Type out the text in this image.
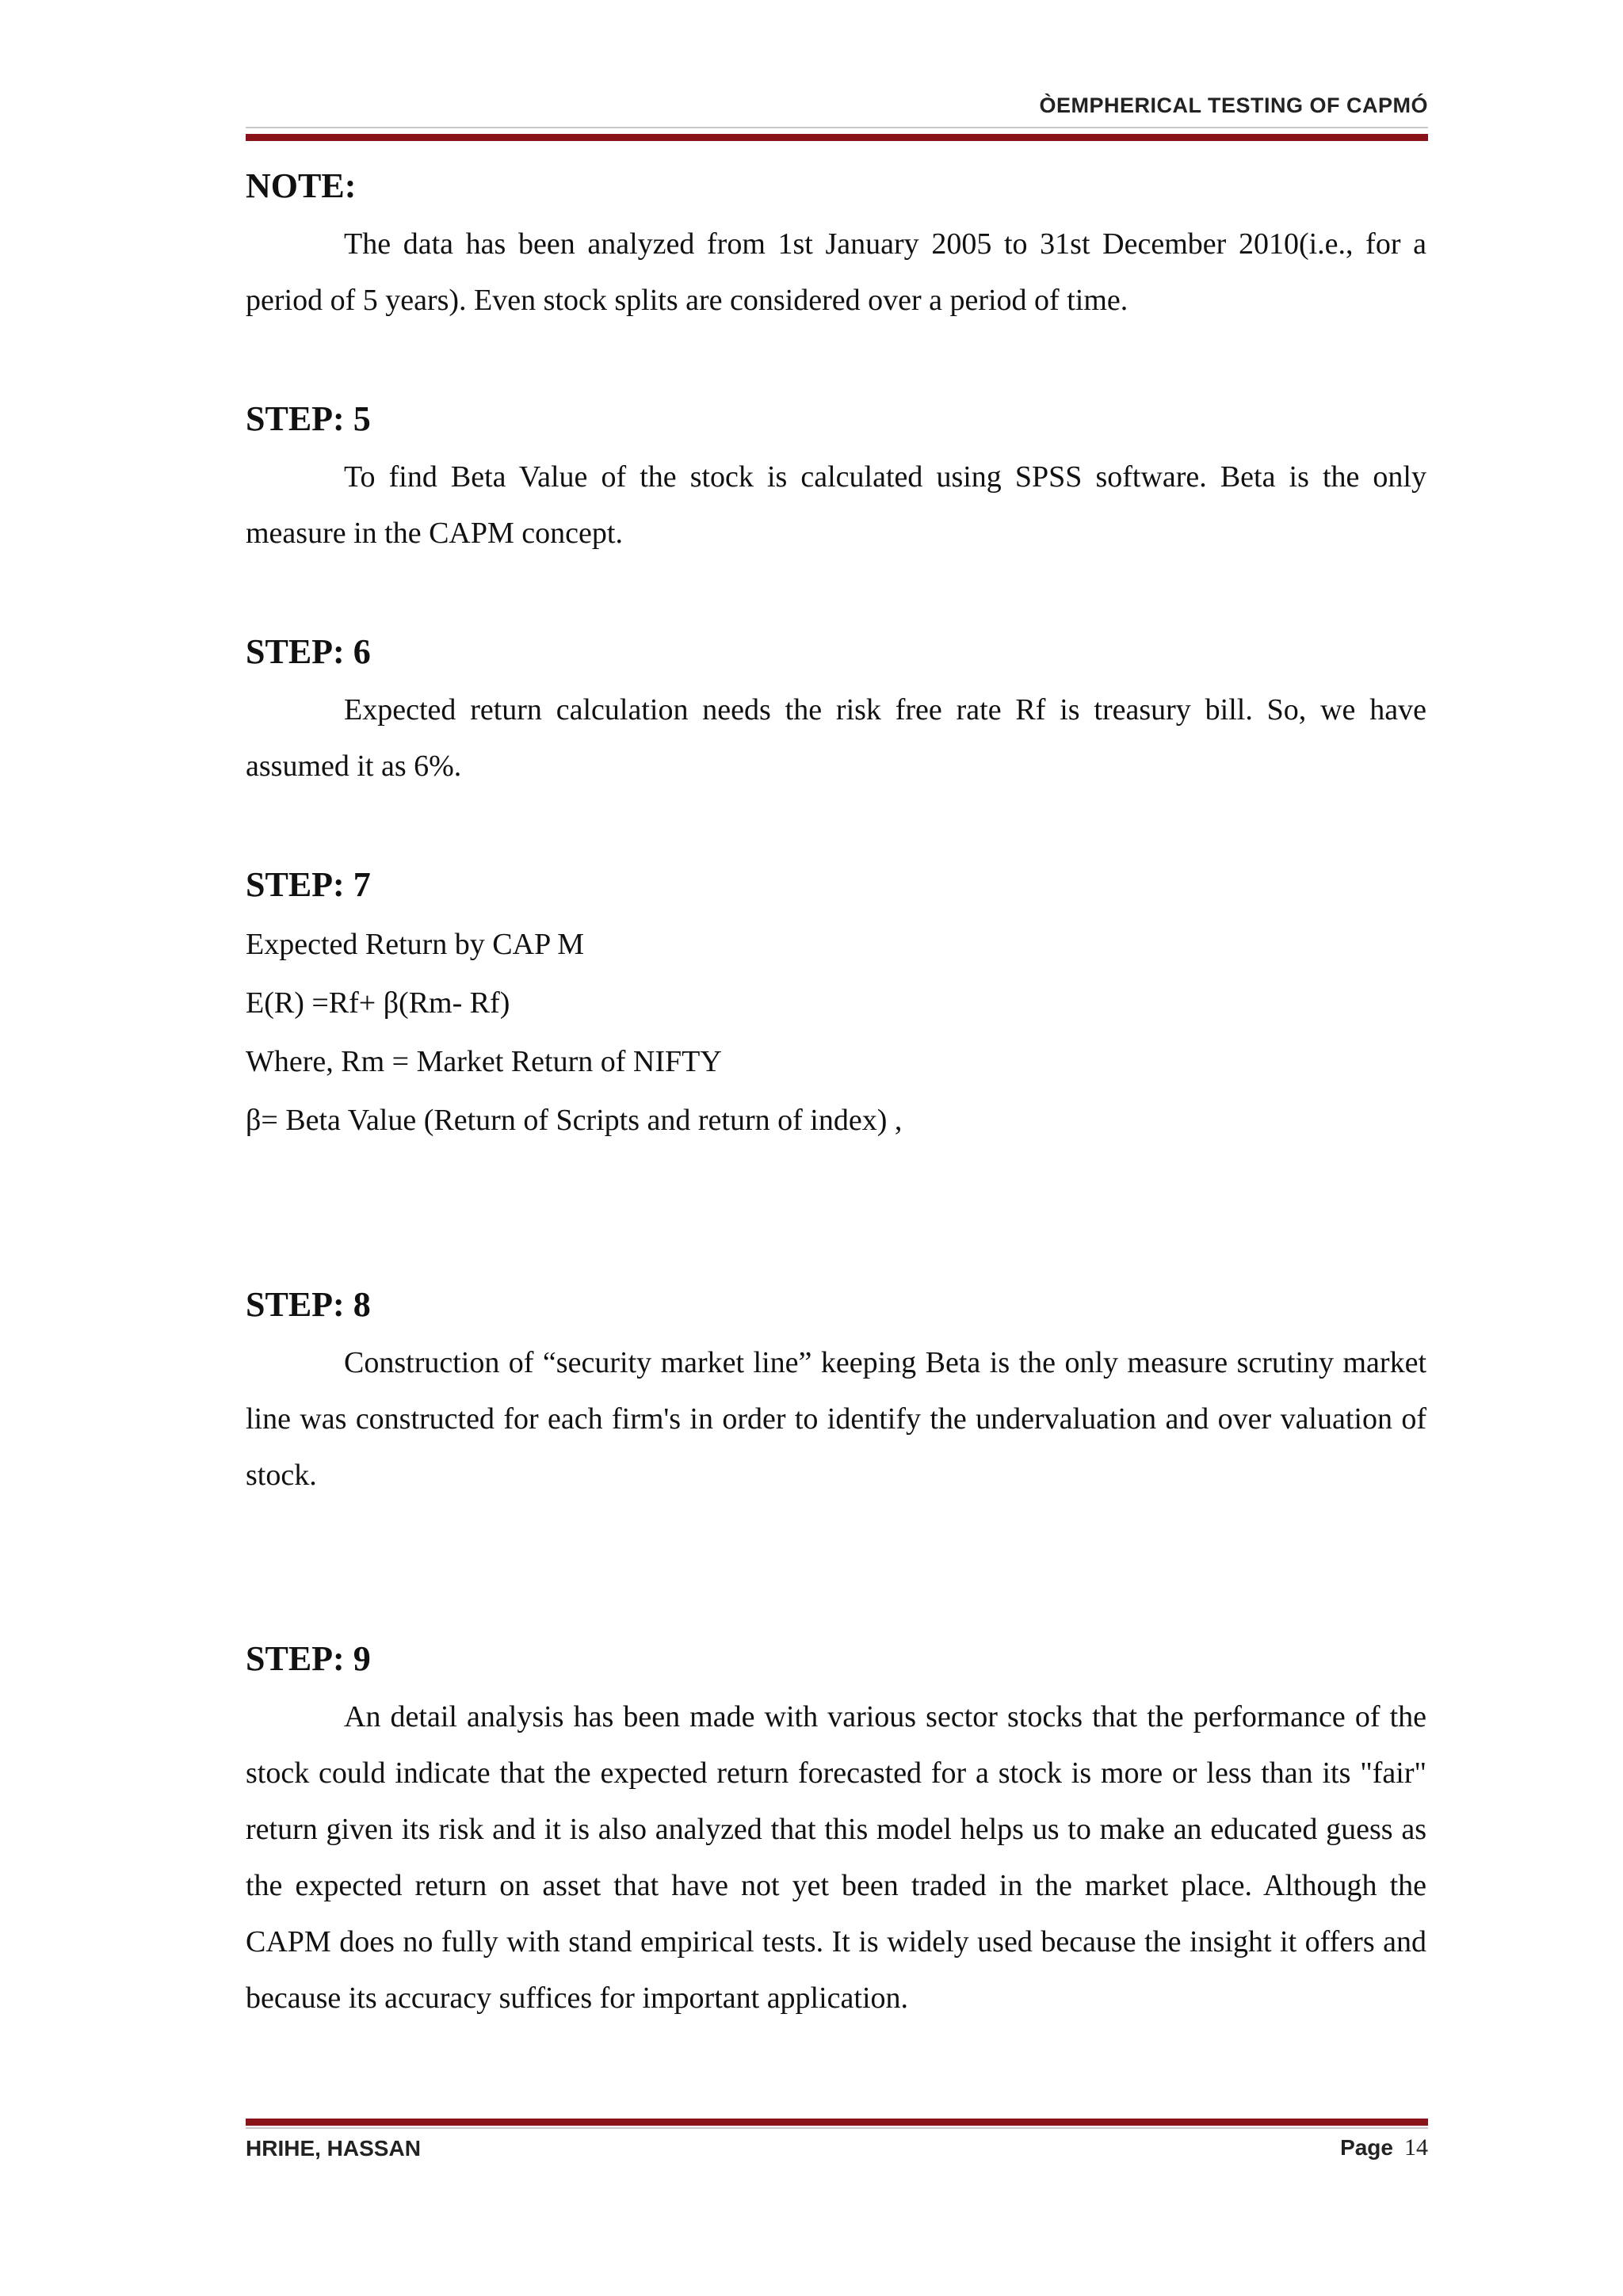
ÒEMPHERICAL TESTING OF CAPMÓ

NOTE:

The data has been analyzed from 1st January 2005 to 31st December 2010(i.e., for a period of 5 years). Even stock splits are considered over a period of time.

STEP: 5

To find Beta Value of the stock is calculated using SPSS software. Beta is the only measure in the CAPM concept.

STEP: 6

Expected return calculation needs the risk free rate Rf is treasury bill. So, we have assumed it as 6%.

STEP: 7

Expected Return by CAP M

E(R) =Rf+ β(Rm- Rf)

Where, Rm = Market Return of NIFTY

β= Beta Value (Return of Scripts and return of index) ,

STEP: 8

Construction of “security market line” keeping Beta is the only measure scrutiny market line was constructed for each firm's in order to identify the undervaluation and over valuation of stock.

STEP: 9

An detail analysis has been made with various sector stocks that the performance of the stock could indicate that the expected return forecasted for a stock is more or less than its "fair" return given its risk and it is also analyzed that this model helps us to make an educated guess as the expected return on asset that have not yet been traded in the market place. Although the CAPM does no fully with stand empirical tests. It is widely used because the insight it offers and because its accuracy suffices for important application.

HRIHE, HASSAN	Page 14
